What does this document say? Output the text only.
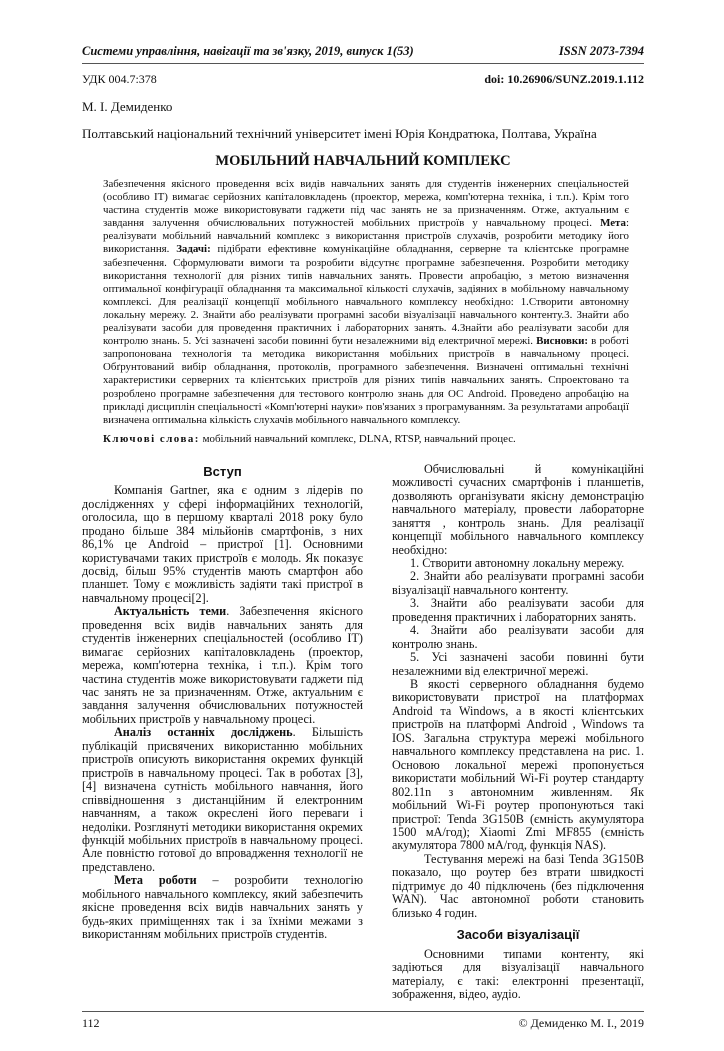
Системи управління, навігації та зв'язку, 2019, випуск 1(53)	ISSN 2073-7394
УДК 004.7:378	doi: 10.26906/SUNZ.2019.1.112
М. І. Демиденко
Полтавський національний технічний університет імені Юрія Кондратюка, Полтава, Україна
МОБІЛЬНИЙ НАВЧАЛЬНИЙ КОМПЛЕКС
Забезпечення якісного проведення всіх видів навчальних занять для студентів інженерних спеціальностей (особливо IT) вимагає серйозних капіталовкладень (проектор, мережа, комп'ютерна техніка, і т.п.). Крім того частина студентів може використовувати гаджети під час занять не за призначенням. Отже, актуальним є завдання залучення обчислювальних потужностей мобільних пристроїв у навчальному процесі. Мета: реалізувати мобільний навчальний комплекс з використання пристроїв слухачів, розробити методику його використання. Задачі: підібрати ефективне комунікаційне обладнання, серверне та клієнтське програмне забезпечення. Сформулювати вимоги та розробити відсутнє програмне забезпечення. Розробити методику використання технології для різних типів навчальних занять. Провести апробацію, з метою визначення оптимальної конфігурації обладнання та максимальної кількості слухачів, задіяних в мобільному навчальному комплексі. Для реалізації концепції мобільного навчального комплексу необхідно: 1.Створити автономну локальну мережу. 2. Знайти або реалізувати програмні засоби візуалізації навчального контенту.3. Знайти або реалізувати засоби для проведення практичних і лабораторних занять. 4.Знайти або реалізувати засоби для контролю знань. 5. Усі зазначені засоби повинні бути незалежними від електричної мережі. Висновки: в роботі запропонована технологія та методика використання мобільних пристроїв в навчальному процесі. Обґрунтований вибір обладнання, протоколів, програмного забезпечення. Визначені оптимальні технічні характеристики серверних та клієнтських пристроїв для різних типів навчальних занять. Спроектовано та розроблено програмне забезпечення для тестового контролю знань для ОС Android. Проведено апробацію на прикладі дисциплін спеціальності «Комп'ютерні науки» пов'язаних з програмуванням. За результатами апробації визначена оптимальна кількість слухачів мобільного навчального комплексу.
Ключові слова: мобільний навчальний комплекс, DLNA, RTSP, навчальний процес.
Вступ

Компанія Gartner, яка є одним з лідерів по дослідженнях у сфері інформаційних технологій, оголосила, що в першому кварталі 2018 року було продано більше 384 мільйонів смартфонів, з них 86,1% це Android – пристрої [1]. Основними користувачами таких пристроїв є молодь. Як показує досвід, більш 95% студентів мають смартфон або планшет. Тому є можливість задіяти такі пристрої в навчальному процесі[2].

Актуальність теми. Забезпечення якісного проведення всіх видів навчальних занять для студентів інженерних спеціальностей (особливо IT) вимагає серйозних капіталовкладень (проектор, мережа, комп'ютерна техніка, і т.п.). Крім того частина студентів може використовувати гаджети під час занять не за призначенням. Отже, актуальним є завдання залучення обчислювальних потужностей мобільних пристроїв у навчальному процесі.

Аналіз останніх досліджень. Більшість публікацій присвячених використанню мобільних пристроїв описують використання окремих функцій пристроїв в навчальному процесі. Так в роботах [3],[4] визначена сутність мобільного навчання, його співвідношення з дистанційним й електронним навчанням, а також окреслені його переваги і недоліки. Розглянуті методики використання окремих функцій мобільних пристроїв в навчальному процесі. Але повністю готової до впровадження технології не представлено.

Мета роботи – розробити технологію мобільного навчального комплексу, який забезпечить якісне проведення всіх видів навчальних занять у будь-яких приміщеннях так і за їхніми межами з використанням мобільних пристроїв студентів.

Обчислювальні й комунікаційні можливості сучасних смартфонів і планшетів, дозволяють організувати якісну демонстрацію навчального матеріалу, провести лабораторне заняття , контроль знань. Для реалізації концепції мобільного навчального комплексу необхідно:

1. Створити автономну локальну мережу.

2. Знайти або реалізувати програмні засоби візуалізації навчального контенту.

3. Знайти або реалізувати засоби для проведення практичних і лабораторних занять.

4. Знайти або реалізувати засоби для контролю знань.

5. Усі зазначені засоби повинні бути незалежними від електричної мережі.

В якості серверного обладнання будемо використовувати пристрої на платформах Android та Windows, а в якості клієнтських пристроїв на платформі Android , Windows та IOS. Загальна структура мережі мобільного навчального комплексу представлена на рис. 1. Основою локальної мережі пропонується використати мобільний Wi-Fi роутер стандарту 802.11n з автономним живленням. Як мобільний Wi-Fi роутер пропонуються такі пристрої: Tenda 3G150B (ємність акумулятора 1500 мА/год); Xiaomi Zmi MF855 (ємність акумулятора 7800 мА/год, функція NAS).

Тестування мережі на базі Tenda 3G150B показало, що роутер без втрати швидкості підтримує до 40 підключень (без підключення WAN). Час автономної роботи становить близько 4 годин.

Засоби візуалізації

Основними типами контенту, які задіються для візуалізації навчального матеріалу, є такі: електронні презентації, зображення, відео, аудіо.

112	© Демиденко М. І., 2019
